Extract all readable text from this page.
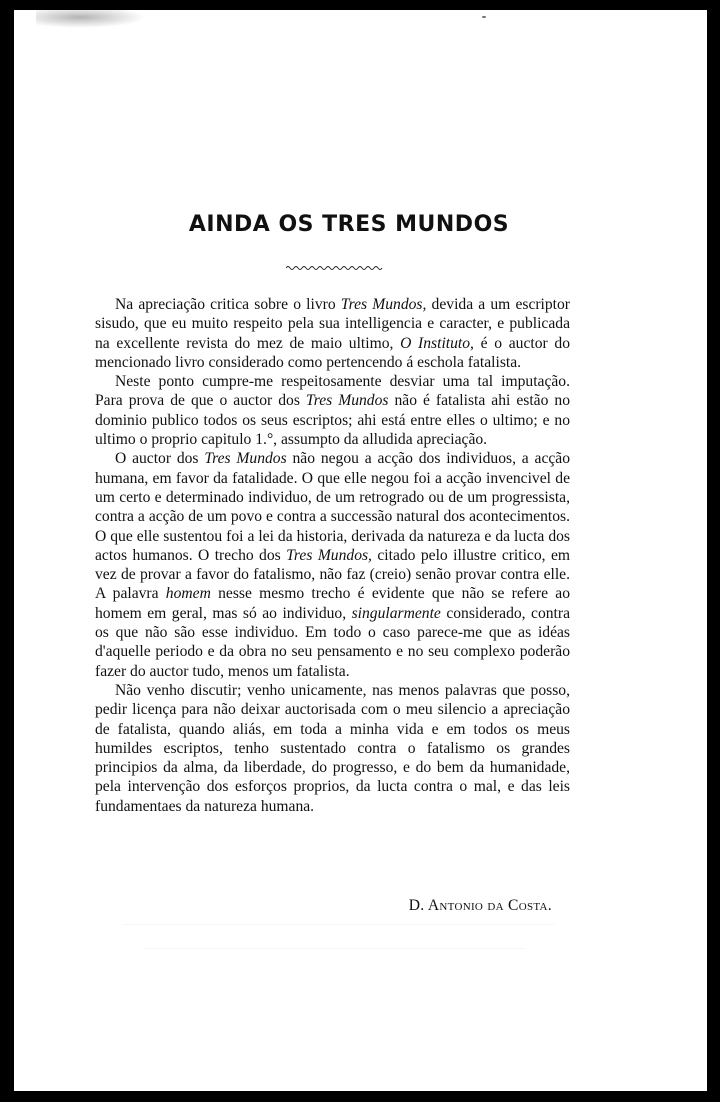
AINDA OS TRES MUNDOS

Na apreciação critica sobre o livro Tres Mundos, devida a um escriptor sisudo, que eu muito respeito pela sua intelligencia e caracter, e publicada na excellente revista do mez de maio ultimo, O Instituto, é o auctor do mencionado livro considerado como pertencendo á eschola fatalista.

Neste ponto cumpre-me respeitosamente desviar uma tal imputação. Para prova de que o auctor dos Tres Mundos não é fatalista ahi estão no dominio publico todos os seus escriptos; ahi está entre elles o ultimo; e no ultimo o proprio capitulo 1.°, assumpto da alludida apreciação.

O auctor dos Tres Mundos não negou a acção dos individuos, a acção humana, em favor da fatalidade. O que elle negou foi a acção invencivel de um certo e determinado individuo, de um retrogrado ou de um progressista, contra a acção de um povo e contra a successão natural dos acontecimentos. O que elle sustentou foi a lei da historia, derivada da natureza e da lucta dos actos humanos. O trecho dos Tres Mundos, citado pelo illustre critico, em vez de provar a favor do fatalismo, não faz (creio) senão provar contra elle. A palavra homem nesse mesmo trecho é evidente que não se refere ao homem em geral, mas só ao individuo, singularmente considerado, contra os que não são esse individuo. Em todo o caso parece-me que as idéas d'aquelle periodo e da obra no seu pensamento e no seu complexo poderão fazer do auctor tudo, menos um fatalista.

Não venho discutir; venho unicamente, nas menos palavras que posso, pedir licença para não deixar auctorisada com o meu silencio a apreciação de fatalista, quando aliás, em toda a minha vida e em todos os meus humildes escriptos, tenho sustentado contra o fatalismo os grandes principios da alma, da liberdade, do progresso, e do bem da humanidade, pela intervenção dos esforços proprios, da lucta contra o mal, e das leis fundamentaes da natureza humana.

D. Antonio da Costa.
